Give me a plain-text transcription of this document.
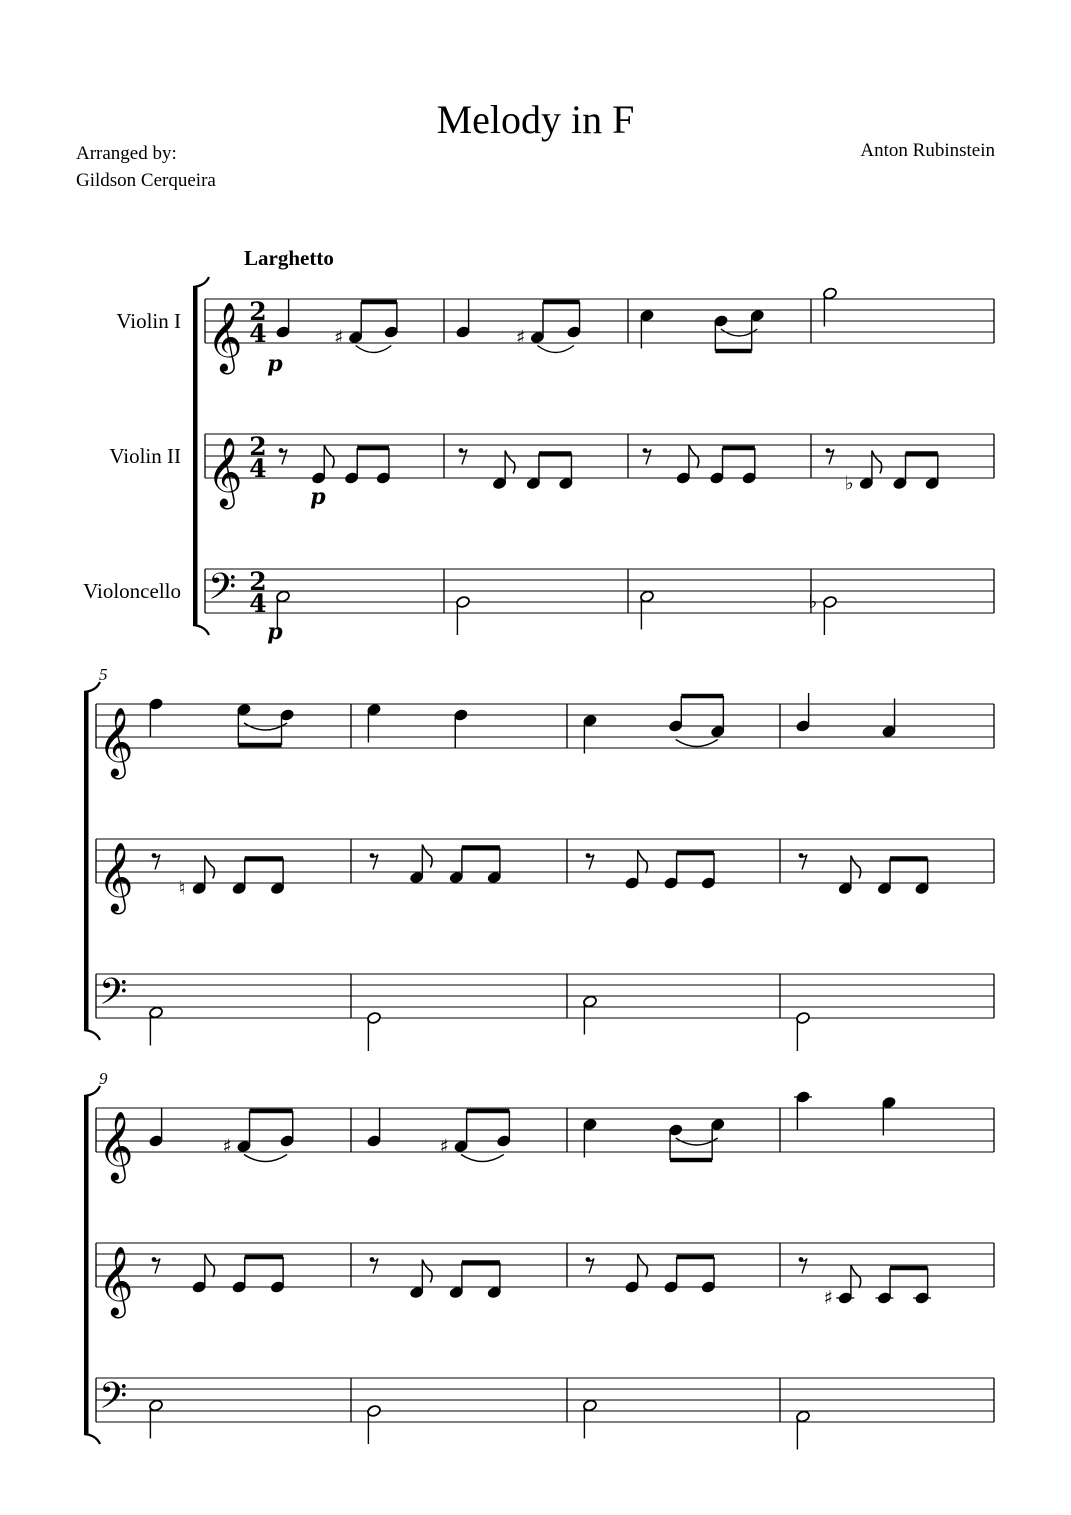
Melody in F
Arranged by:
Gildson Cerqueira
Anton Rubinstein
Larghetto
𝄞 2
4
Violin I
♯	♯
p
𝄞 2
4
Violin II
♭
p
𝄢 2
4
Violoncello	♭
p
5
𝄞
𝄞 ♮
𝄢
9
𝄞	♯	♯
𝄞	♯
𝄢
